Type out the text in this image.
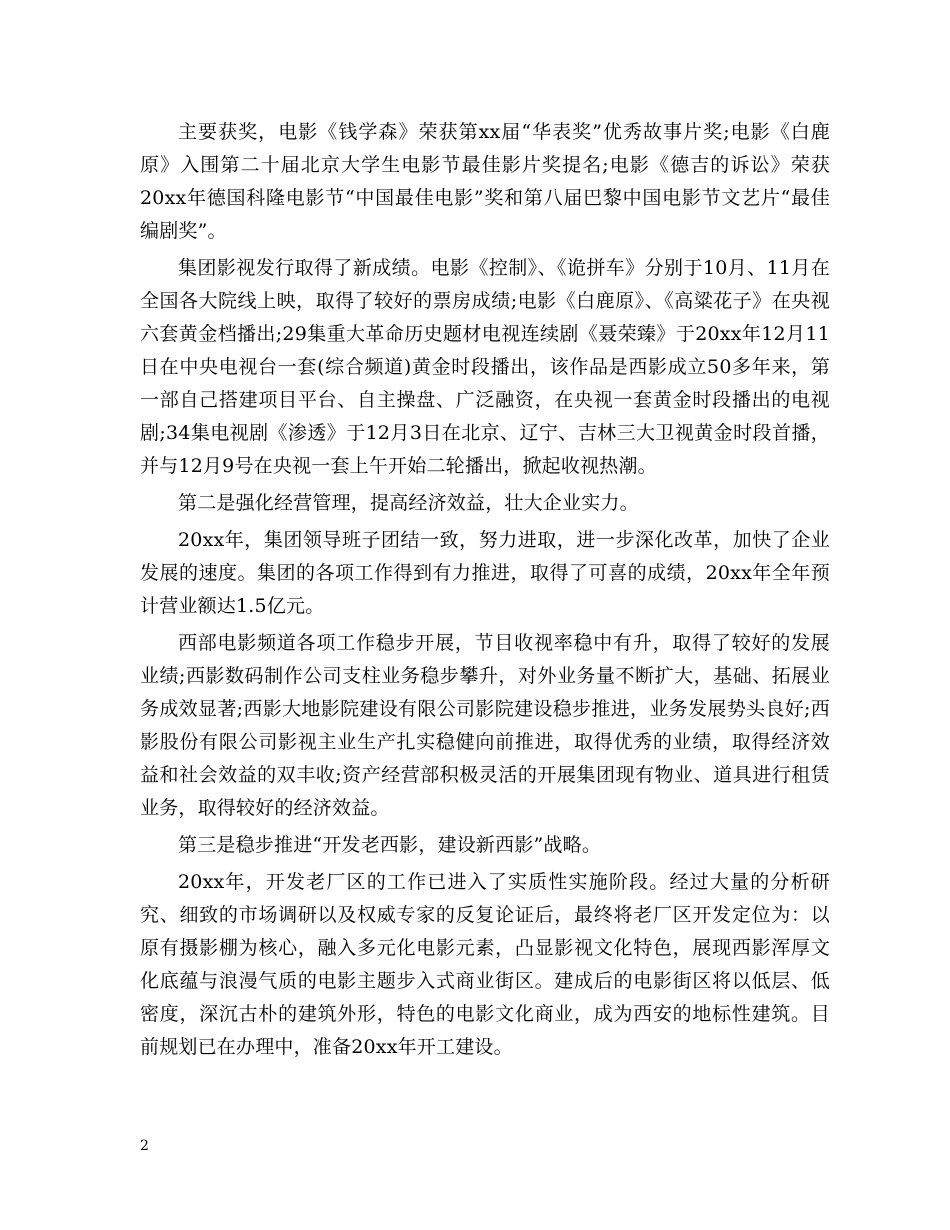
主要获奖，电影《钱学森》荣获第xx届“华表奖”优秀故事片奖;电影《白鹿原》入围第二十届北京大学生电影节最佳影片奖提名;电影《德吉的诉讼》荣获20xx年德国科隆电影节“中国最佳电影”奖和第八届巴黎中国电影节文艺片“最佳编剧奖”。

集团影视发行取得了新成绩。电影《控制》、《诡拼车》分别于10月、11月在全国各大院线上映，取得了较好的票房成绩;电影《白鹿原》、《高粱花子》在央视六套黄金档播出;29集重大革命历史题材电视连续剧《聂荣臻》于20xx年12月11日在中央电视台一套(综合频道)黄金时段播出，该作品是西影成立50多年来，第一部自己搭建项目平台、自主操盘、广泛融资，在央视一套黄金时段播出的电视剧;34集电视剧《渗透》于12月3日在北京、辽宁、吉林三大卫视黄金时段首播，并与12月9号在央视一套上午开始二轮播出，掀起收视热潮。

第二是强化经营管理，提高经济效益，壮大企业实力。

20xx年，集团领导班子团结一致，努力进取，进一步深化改革，加快了企业发展的速度。集团的各项工作得到有力推进，取得了可喜的成绩，20xx年全年预计营业额达1.5亿元。

西部电影频道各项工作稳步开展，节目收视率稳中有升，取得了较好的发展业绩;西影数码制作公司支柱业务稳步攀升，对外业务量不断扩大，基础、拓展业务成效显著;西影大地影院建设有限公司影院建设稳步推进，业务发展势头良好;西影股份有限公司影视主业生产扎实稳健向前推进，取得优秀的业绩，取得经济效益和社会效益的双丰收;资产经营部积极灵活的开展集团现有物业、道具进行租赁业务，取得较好的经济效益。

第三是稳步推进“开发老西影，建设新西影”战略。

20xx年，开发老厂区的工作已进入了实质性实施阶段。经过大量的分析研究、细致的市场调研以及权威专家的反复论证后，最终将老厂区开发定位为：以原有摄影棚为核心，融入多元化电影元素，凸显影视文化特色，展现西影浑厚文化底蕴与浪漫气质的电影主题步入式商业街区。建成后的电影街区将以低层、低密度，深沉古朴的建筑外形，特色的电影文化商业，成为西安的地标性建筑。目前规划已在办理中，准备20xx年开工建设。

2
